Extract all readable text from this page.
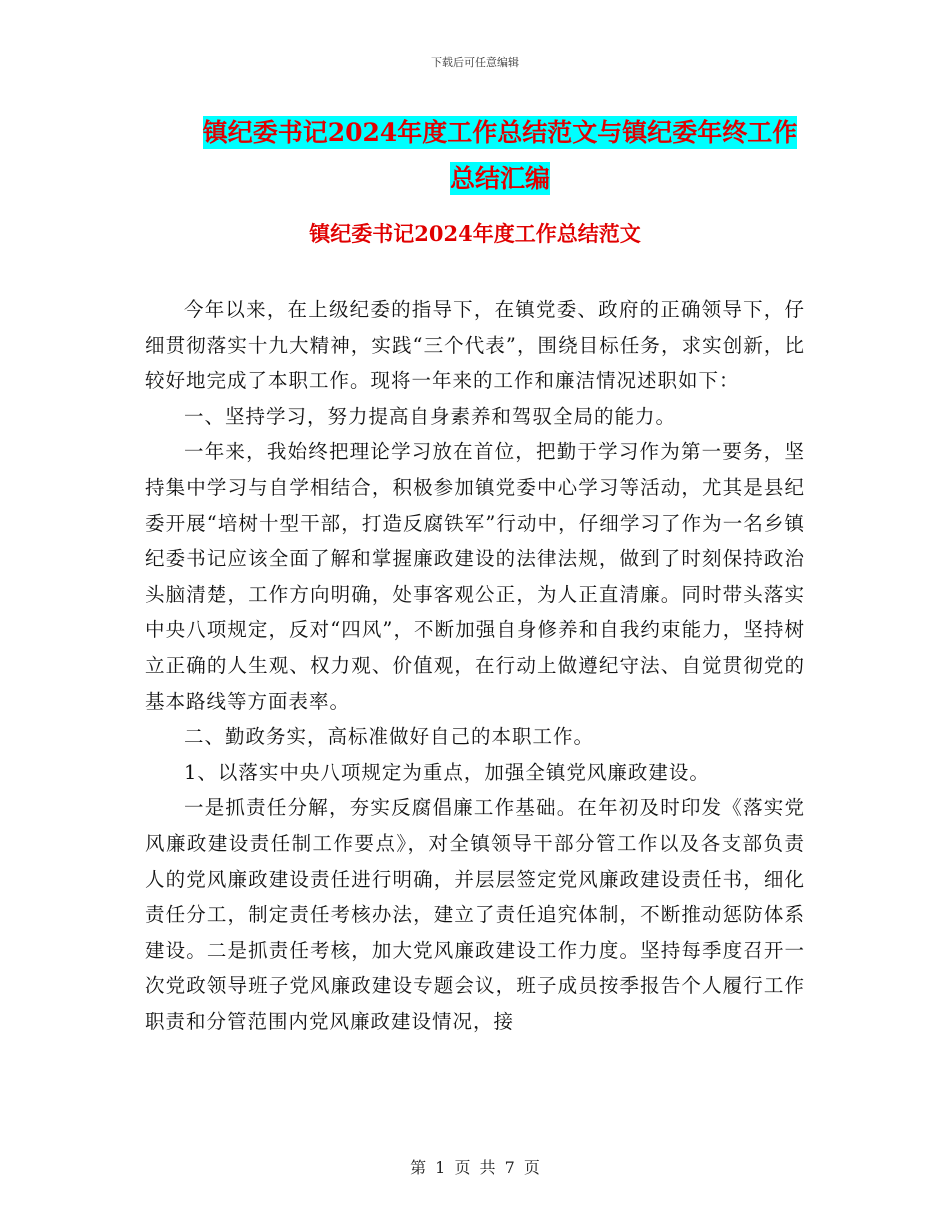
下载后可任意编辑
镇纪委书记2024年度工作总结范文与镇纪委年终工作
总结汇编
镇纪委书记2024年度工作总结范文

今年以来，在上级纪委的指导下，在镇党委、政府的正确领导下，仔细贯彻落实十九大精神，实践“三个代表”，围绕目标任务，求实创新，比较好地完成了本职工作。现将一年来的工作和廉洁情况述职如下：

一、坚持学习，努力提高自身素养和驾驭全局的能力。

一年来，我始终把理论学习放在首位，把勤于学习作为第一要务，坚持集中学习与自学相结合，积极参加镇党委中心学习等活动，尤其是县纪委开展“培树十型干部，打造反腐铁军”行动中，仔细学习了作为一名乡镇纪委书记应该全面了解和掌握廉政建设的法律法规，做到了时刻保持政治头脑清楚，工作方向明确，处事客观公正，为人正直清廉。同时带头落实中央八项规定，反对“四风”，不断加强自身修养和自我约束能力，坚持树立正确的人生观、权力观、价值观，在行动上做遵纪守法、自觉贯彻党的基本路线等方面表率。

二、勤政务实，高标准做好自己的本职工作。

1、以落实中央八项规定为重点，加强全镇党风廉政建设。

一是抓责任分解，夯实反腐倡廉工作基础。在年初及时印发《落实党风廉政建设责任制工作要点》，对全镇领导干部分管工作以及各支部负责人的党风廉政建设责任进行明确，并层层签定党风廉政建设责任书，细化责任分工，制定责任考核办法，建立了责任追究体制，不断推动惩防体系建设。二是抓责任考核，加大党风廉政建设工作力度。坚持每季度召开一次党政领导班子党风廉政建设专题会议，班子成员按季报告个人履行工作职责和分管范围内党风廉政建设情况，接

第 1 页 共 7 页
